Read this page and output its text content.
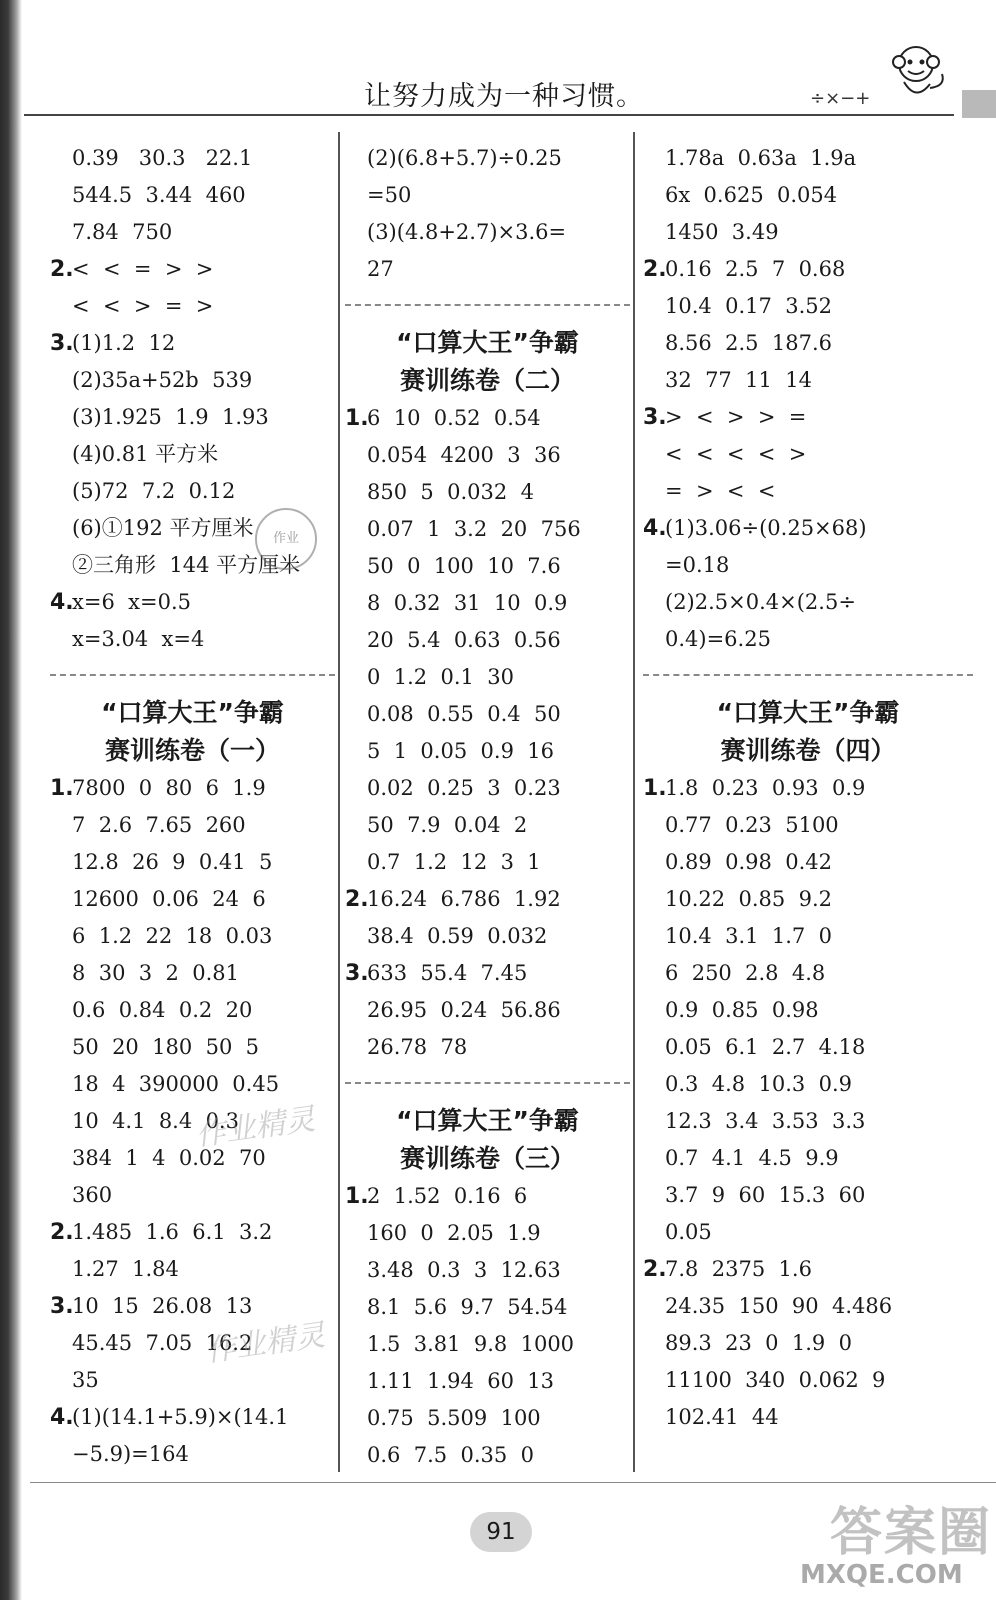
让努力成为一种习惯。	÷×−+
0.39   30.3   22.1
544.5  3.44  460
7.84  750
2.
<  <  =  >  >
<  <  >  =  >
3.
(1)1.2  12
(2)35a+52b  539
(3)1.925  1.9  1.93
(4)0.81 平方米
(5)72  7.2  0.12
(6)①192 平方厘米
②三角形  144 平方厘米
4.
x=6  x=0.5
x=3.04  x=4
“口算大王”争霸
赛训练卷（一）
1.
7800  0  80  6  1.9
7  2.6  7.65  260
12.8  26  9  0.41  5
12600  0.06  24  6
6  1.2  22  18  0.03
8  30  3  2  0.81
0.6  0.84  0.2  20
50  20  180  50  5
18  4  390000  0.45
10  4.1  8.4  0.3
384  1  4  0.02  70
360
2.
1.485  1.6  6.1  3.2
1.27  1.84
3.
10  15  26.08  13
45.45  7.05  16.2
35
4.
(1)(14.1+5.9)×(14.1
−5.9)=164
(2)(6.8+5.7)÷0.25
=50
(3)(4.8+2.7)×3.6=
27
“口算大王”争霸
赛训练卷（二）
1.
6  10  0.52  0.54
0.054  4200  3  36
850  5  0.032  4
0.07  1  3.2  20  756
50  0  100  10  7.6
8  0.32  31  10  0.9
20  5.4  0.63  0.56
0  1.2  0.1  30
0.08  0.55  0.4  50
5  1  0.05  0.9  16
0.02  0.25  3  0.23
50  7.9  0.04  2
0.7  1.2  12  3  1
2.
16.24  6.786  1.92
38.4  0.59  0.032
3.
633  55.4  7.45
26.95  0.24  56.86
26.78  78
“口算大王”争霸
赛训练卷（三）
1.
2  1.52  0.16  6
160  0  2.05  1.9
3.48  0.3  3  12.63
8.1  5.6  9.7  54.54
1.5  3.81  9.8  1000
1.11  1.94  60  13
0.75  5.509  100
0.6  7.5  0.35  0
1.78a  0.63a  1.9a
6x  0.625  0.054
1450  3.49
2.
0.16  2.5  7  0.68
10.4  0.17  3.52
8.56  2.5  187.6
32  77  11  14
3.
>  <  >  >  =
<  <  <  <  >
=  >  <  <
4.
(1)3.06÷(0.25×68)
=0.18
(2)2.5×0.4×(2.5÷
0.4)=6.25
“口算大王”争霸
赛训练卷（四）
1.
1.8  0.23  0.93  0.9
0.77  0.23  5100
0.89  0.98  0.42
10.22  0.85  9.2
10.4  3.1  1.7  0
6  250  2.8  4.8
0.9  0.85  0.98
0.05  6.1  2.7  4.18
0.3  4.8  10.3  0.9
12.3  3.4  3.53  3.3
0.7  4.1  4.5  9.9
3.7  9  60  15.3  60
0.05
2.
7.8  2375  1.6
24.35  150  90  4.486
89.3  23  0  1.9  0
11100  340  0.062  9
102.41  44
作业
作业精灵
作业精灵
91	答案圈
MXQE.COM
